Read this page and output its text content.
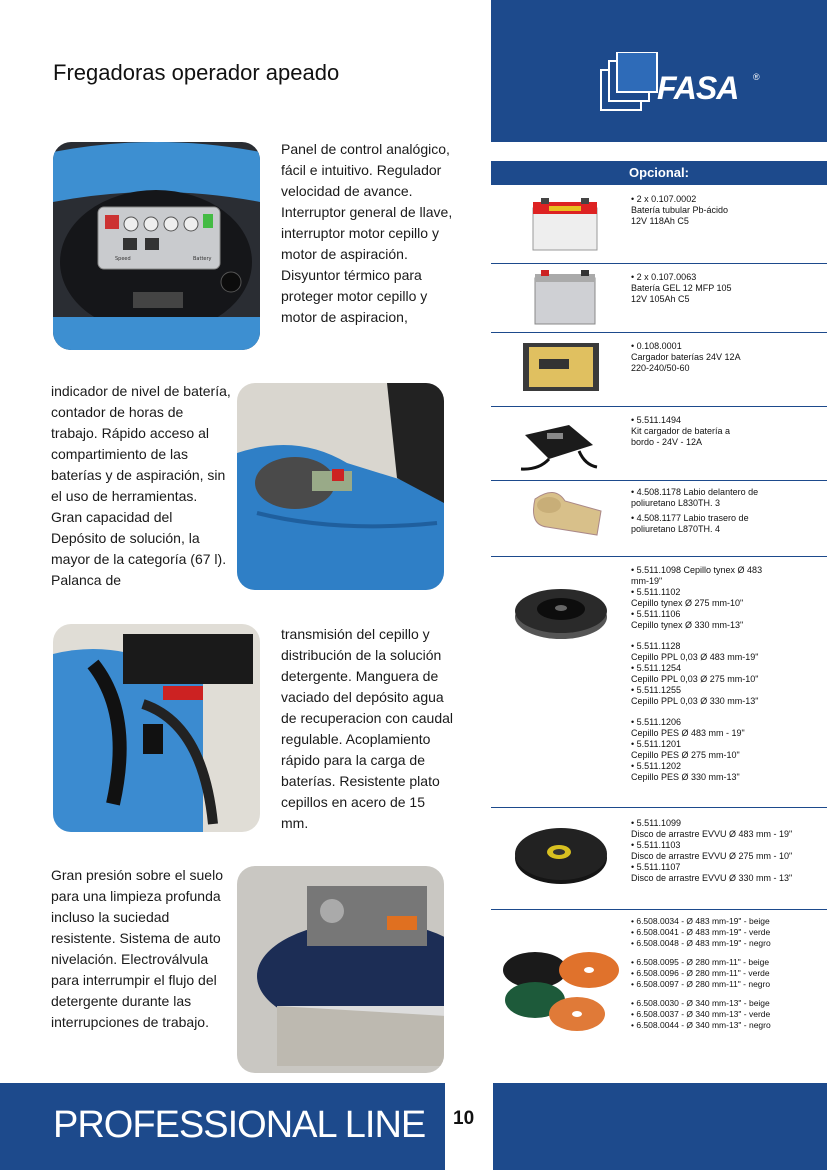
Fregadoras operador apeado
Speed	Battery

Panel de control analógico, fácil e intuitivo. Regulador velocidad de avance. Interruptor general de llave, interruptor motor cepillo y motor de aspiración. Disyuntor térmico para proteger motor cepillo y motor de aspiracion,

indicador de nivel de batería, contador de horas de trabajo. Rápido acceso al compartimiento de las baterías y de aspiración, sin el uso de herramientas. Gran capacidad del Depósito de solución, la mayor de la categoría (67 l). Palanca de

transmisión del cepillo y distribución de la solución detergente. Manguera de vaciado del depósito agua de recuperacion con caudal regulable. Acoplamiento rápido para la carga de baterías. Resistente plato cepillos en acero de 15 mm.

Gran presión sobre el suelo para una limpieza profunda incluso la suciedad resistente. Sistema de auto nivelación. Electroválvula para interrumpir el flujo del detergente durante las interrupciones de trabajo.

FASA ®
Opcional:

• 2 x 0.107.0002
Batería tubular Pb-ácido
12V 118Ah C5

• 2 x 0.107.0063
Batería GEL 12 MFP 105
12V 105Ah C5

• 0.108.0001
Cargador baterías 24V 12A
220-240/50-60

• 5.511.1494
Kit cargador de batería a
bordo - 24V - 12A

• 4.508.1178 Labio delantero de
poliuretano L830TH. 3

• 4.508.1177 Labio trasero de
poliuretano L870TH. 4

• 5.511.1098 Cepillo tynex Ø 483
mm-19"
• 5.511.1102
Cepillo tynex Ø 275 mm-10"
• 5.511.1106
Cepillo tynex Ø 330 mm-13"

• 5.511.1128
Cepillo PPL 0,03 Ø 483 mm-19"
• 5.511.1254
Cepillo PPL 0,03 Ø 275 mm-10"
• 5.511.1255
Cepillo PPL 0,03 Ø 330 mm-13"

• 5.511.1206
Cepillo PES Ø 483 mm - 19"
• 5.511.1201
Cepillo PES Ø 275 mm-10"
• 5.511.1202
Cepillo PES Ø 330 mm-13"

• 5.511.1099
Disco de arrastre EVVU Ø 483 mm - 19"
• 5.511.1103
Disco de arrastre EVVU Ø 275 mm - 10"
• 5.511.1107
Disco de arrastre EVVU Ø 330 mm - 13"

• 6.508.0034 - Ø 483 mm-19" - beige
• 6.508.0041 - Ø 483 mm-19" - verde
• 6.508.0048 - Ø 483 mm-19" - negro

• 6.508.0095 - Ø 280 mm-11" - beige
• 6.508.0096 - Ø 280 mm-11" - verde
• 6.508.0097 - Ø 280 mm-11" - negro

• 6.508.0030 - Ø 340 mm-13" - beige
• 6.508.0037 - Ø 340 mm-13" - verde
• 6.508.0044 - Ø 340 mm-13" - negro

PROFESSIONAL LINE 10
